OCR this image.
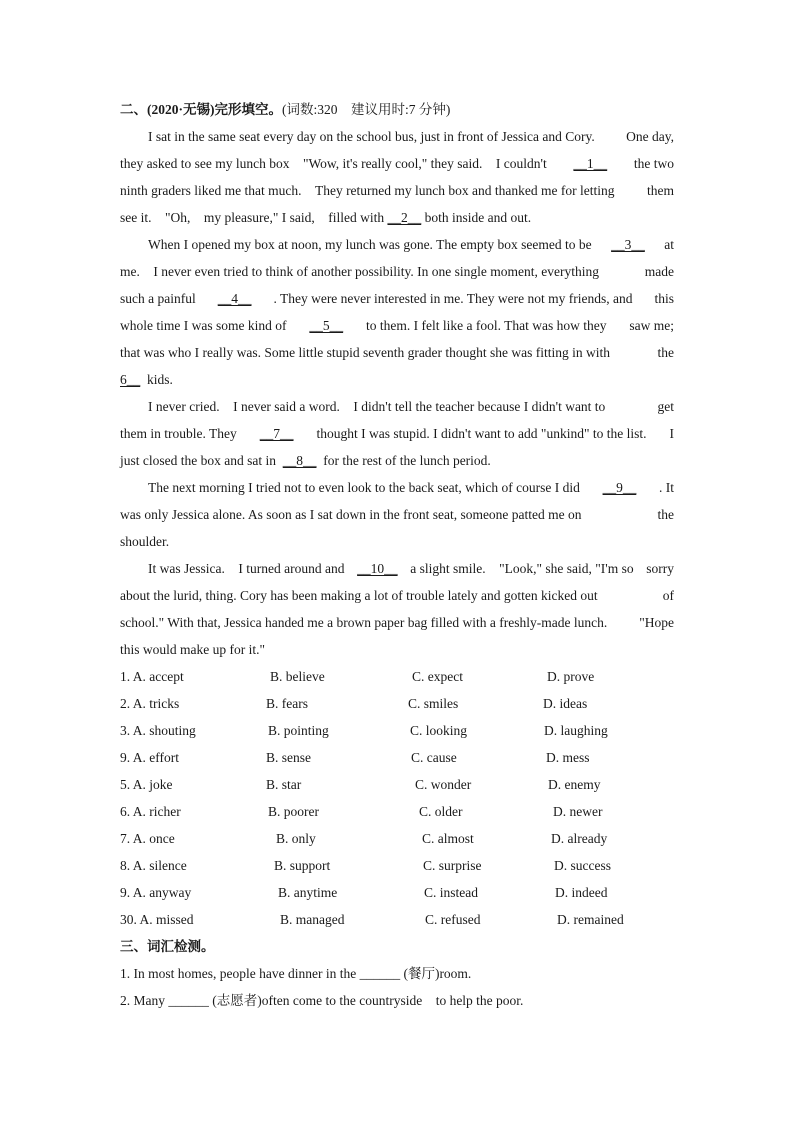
二、(2020·无锡)完形填空。(词数:320　建议用时:7 分钟)
I sat in the same seat every day on the school bus, just in front of Jessica and Cory. One day,
they asked to see my lunch box　"Wow, it's really cool," they said.　I couldn't __1__ the two
ninth graders liked me that much.　They returned my lunch box and thanked me for letting them
see it.　"Oh,　my pleasure," I said,　filled with __2__ both inside and out.
When I opened my box at noon, my lunch was gone. The empty box seemed to be __3__ at
me.　I never even tried to think of another possibility. In one single moment, everything	made
such a painful __4__ . They were never interested in me. They were not my friends, and this
whole time I was some kind of __5__ to them. I felt like a fool. That was how they saw me;
that was who I really was. Some little stupid seventh grader thought she was fitting in with	the
6__ kids.
I never cried.　I never said a word.　I didn't tell the teacher because I didn't want to	get
them in trouble. They __7__ thought I was stupid. I didn't want to add "unkind" to the list. I
just closed the box and sat in __8__ for the rest of the lunch period.
The next morning I tried not to even look to the back seat, which of course I did __9__ . It
was only Jessica alone. As soon as I sat down in the front seat, someone patted me on	the
shoulder.
It was Jessica.　I turned around and __10__ a slight smile.　"Look," she said, "I'm so sorry
about the lurid, thing. Cory has been making a lot of trouble lately and gotten kicked out	of
school." With that, Jessica handed me a brown paper bag filled with a freshly-made lunch. "Hope
this would make up for it."
1. A. accept	B. believe	C. expect	D. prove
2. A. tricks	B. fears	C. smiles	D. ideas
3. A. shouting	B. pointing	C. looking	D. laughing
9. A. effort	B. sense	C. cause	D. mess
5. A. joke	B. star	C. wonder	D. enemy
6. A. richer	B. poorer	C. older	D. newer
7. A. once	B. only	C. almost	D. already
8. A. silence	B. support	C. surprise	D. success
9. A. anyway	B. anytime	C. instead	D. indeed
30. A. missed	B. managed	C. refused	D. remained
三、词汇检测。
1. In most homes, people have dinner in the ______ (餐厅)room.
2. Many ______ (志愿者)often come to the countryside　to help the poor.
